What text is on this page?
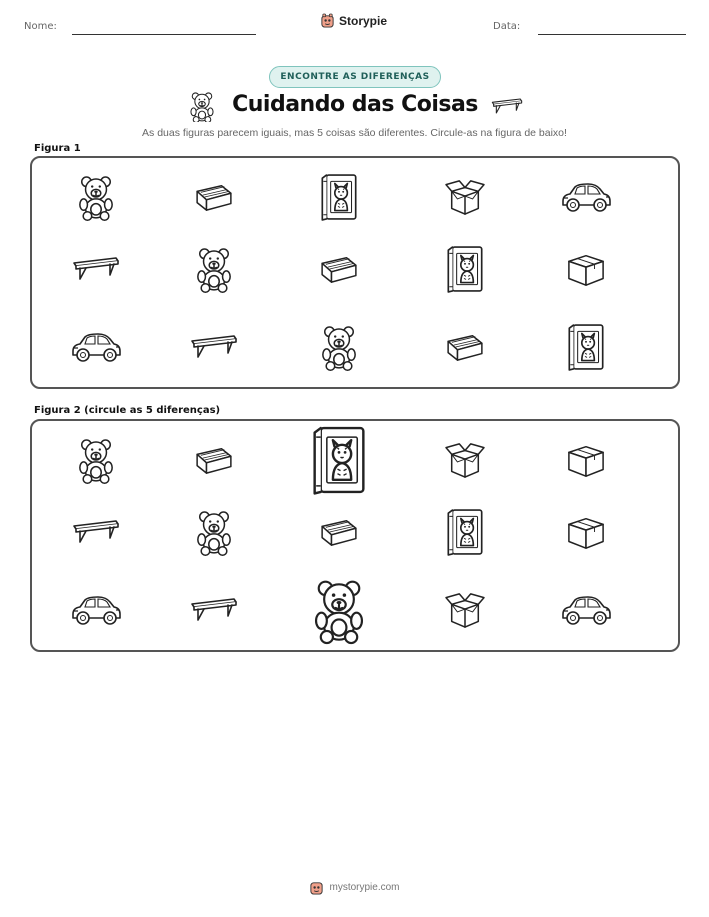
Nome:	Storypie	Data:
ENCONTRE AS DIFERENÇAS
Cuidando das Coisas
As duas figuras parecem iguais, mas 5 coisas são diferentes. Circule-as na figura de baixo!
Figura 1
Figura 2 (circule as 5 diferenças)
mystorypie.com
